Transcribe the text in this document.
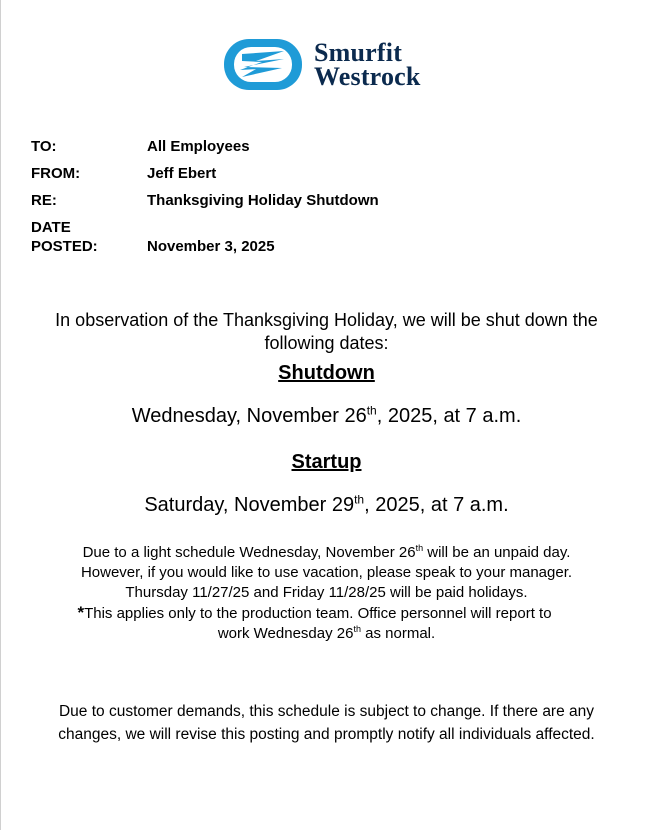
Smurfit
Westrock
TO:	All Employees
FROM:	Jeff Ebert
RE:	Thanksgiving Holiday Shutdown
DATE
POSTED:	November 3, 2025
In observation of the Thanksgiving Holiday, we will be shut down the
following dates:
Shutdown
Wednesday, November 26th, 2025, at 7 a.m.
Startup
Saturday, November 29th, 2025, at 7 a.m.
Due to a light schedule Wednesday, November 26th will be an unpaid day.
However, if you would like to use vacation, please speak to your manager.
Thursday 11/27/25 and Friday 11/28/25 will be paid holidays.
*This applies only to the production team. Office personnel will report to
work Wednesday 26th as normal.
Due to customer demands, this schedule is subject to change. If there are any
changes, we will revise this posting and promptly notify all individuals affected.
